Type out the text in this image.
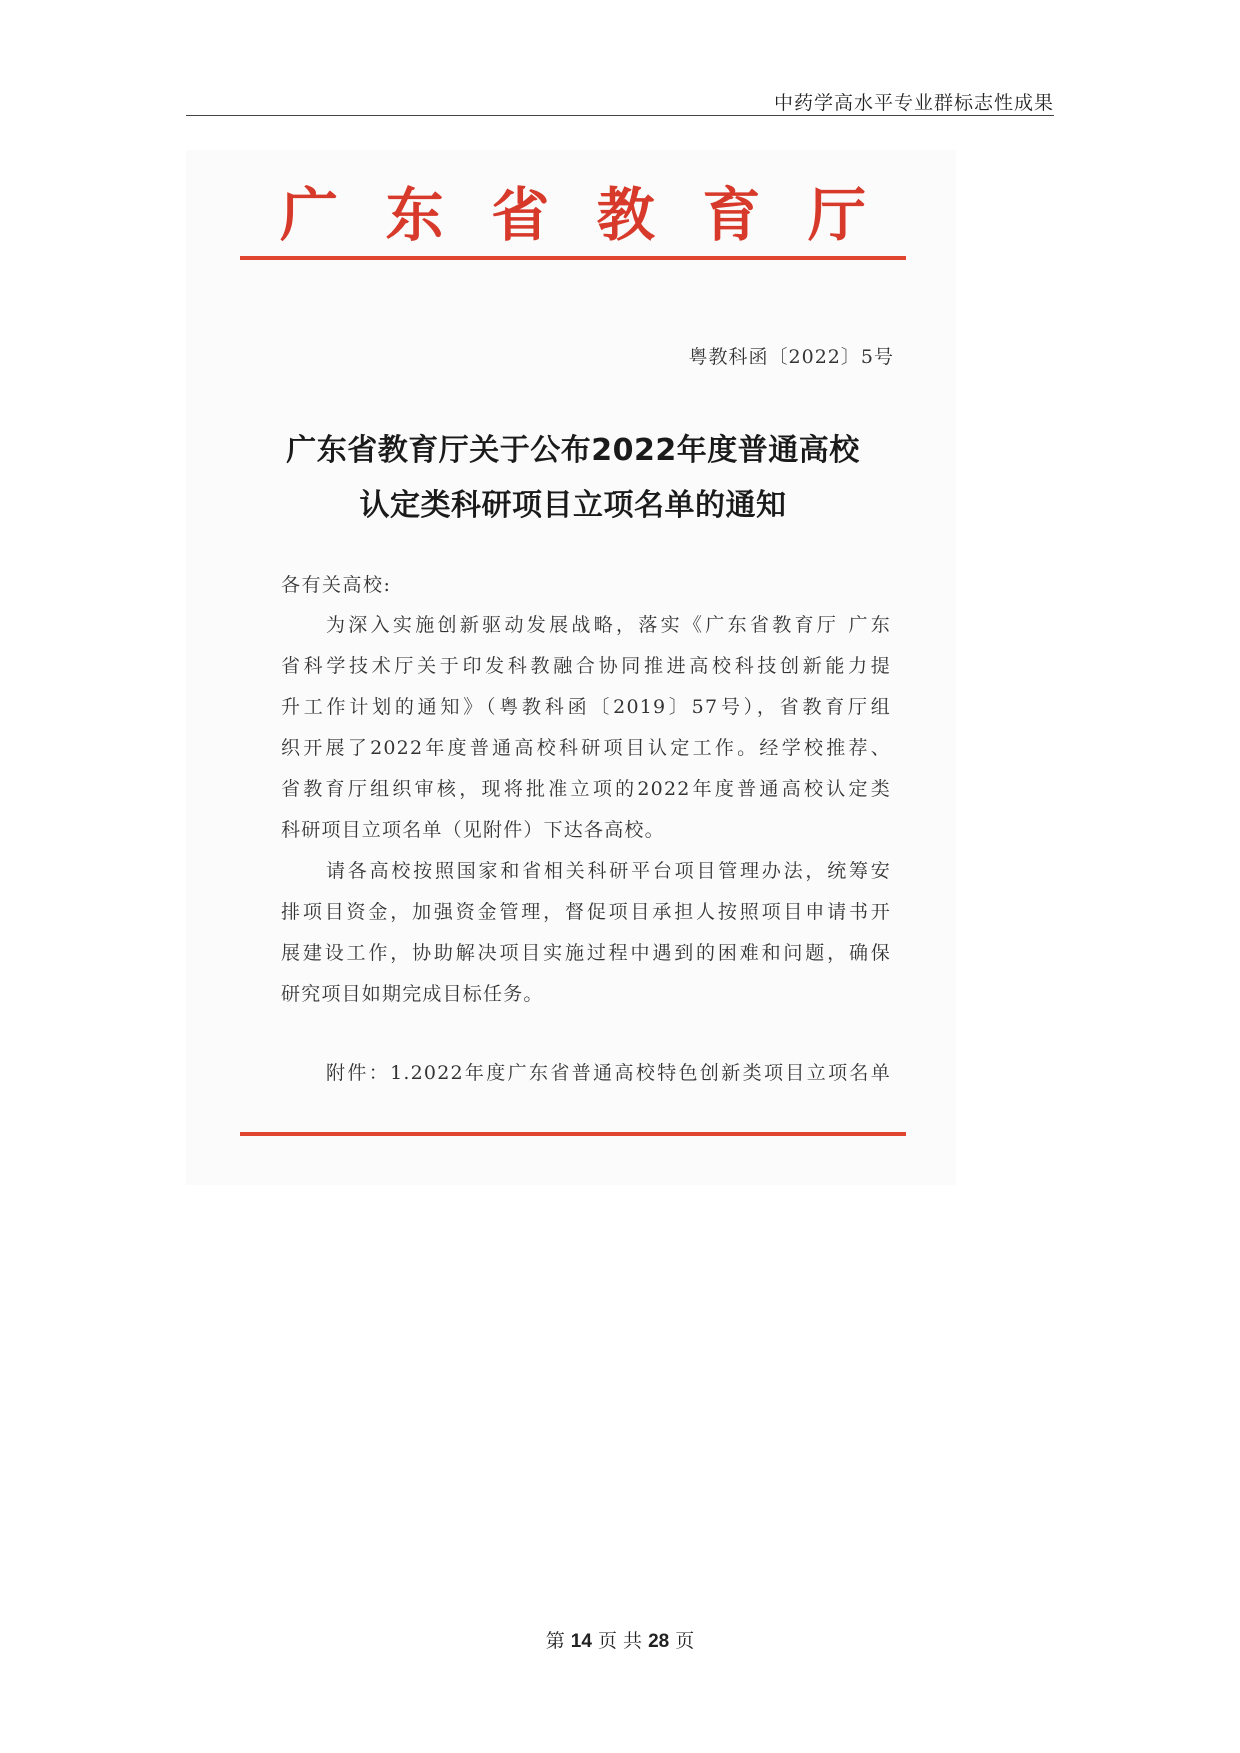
中药学高水平专业群标志性成果
广 东 省 教 育 厅
粤教科函〔2022〕5号
广东省教育厅关于公布2022年度普通高校
认定类科研项目立项名单的通知
各有关高校:
为深入实施创新驱动发展战略，落实《广东省教育厅 广东
省科学技术厅关于印发科教融合协同推进高校科技创新能力提
升工作计划的通知》（粤教科函〔2019〕57号），省教育厅组
织开展了2022年度普通高校科研项目认定工作。经学校推荐、
省教育厅组织审核，现将批准立项的2022年度普通高校认定类
科研项目立项名单（见附件）下达各高校。
请各高校按照国家和省相关科研平台项目管理办法，统筹安
排项目资金，加强资金管理，督促项目承担人按照项目申请书开
展建设工作，协助解决项目实施过程中遇到的困难和问题，确保
研究项目如期完成目标任务。
附件：1.2022年度广东省普通高校特色创新类项目立项名单
第 14 页 共 28 页
